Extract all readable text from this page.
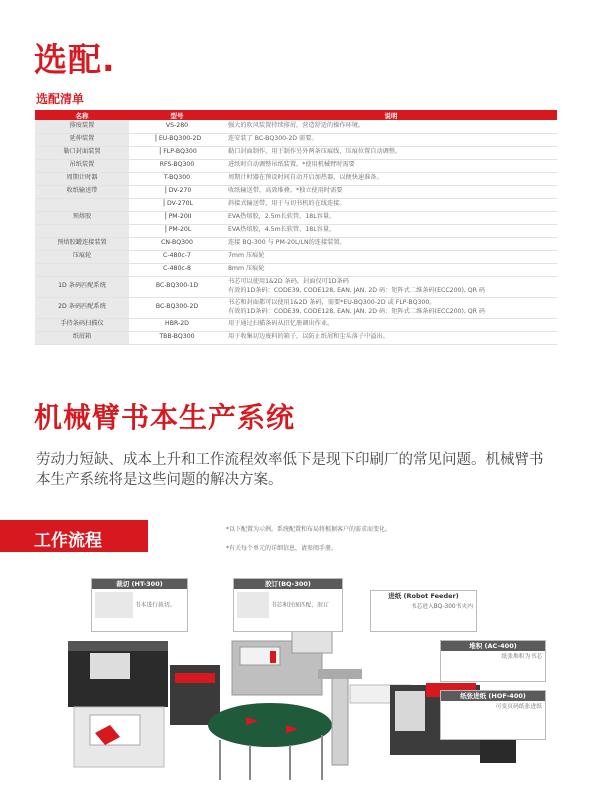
选配.
选配清单
名称	型号	说明
排废装置	VS-280	强大的吹风装置持续排屑，营造舒适的操作环境。

延伸装置	┃EU-BQ300-2D	连安装了 BC-BQ300-2D 需要。

勒口封面装置	┃FLP-BQ300	勒口封面制作，用于制作另外两条压痕线，压痕位置自动调整。

吊纸装置	RFS-BQ300	进纸时自动调整吊纸装置。*使用机械臂时需要

周期计时器	T-BQ300	周期计时器在预设时间自动开启加热器，以便快速准备。

收纸输送带	┃DV-270	收纸输送带，高效堆叠。*独立使用时需要

	┃DV-270L	斜接式输送带，用于与切书机的在线连接。

预熔胶	┃PM-20II	EVA热熔胶，2.5m长软管，18L容量。

	┃PM-20L	EVA热熔胶，4.5m长软管，18L容量。

预熔胶罐连接装置	CN-BQ300	连接 BQ-300 与 PM-20L/LN的连接装置。

压痕轮	C-480c-7	7mm 压痕轮

	C-480c-8	8mm 压痕轮

1D 条码匹配系统	BC-BQ300-1D	书芯可以使用1&2D 条码，封面仅可1D条码
有效的1D条码：CODE39, CODE128, EAN, JAN. 2D 码：矩阵式二维条码(ECC200), QR 码

2D 条码匹配系统	BC-BQ300-2D	书芯和封面都可以使用1&2D 条码，需要*EU-BQ300-2D 或 FLP-BQ300。
有效的1D条码：CODE39, CODE128, EAN, JAN. 2D 码：矩阵式二维条码(ECC200), QR 码

手持条码扫描仪	HBR-2D	用于通过扫描条码从旧忆册调出作业。

纸屑箱	TBB-BQ300	用于收集切边废料的箱子，以防止纸屑和尘头落子中溢出。
机械臂书本生产系统
劳动力短缺、成本上升和工作流程效率低下是现下印刷厂的常见问题。机械臂书本生产系统将是这些问题的解决方案。
工作流程
*以下配置为示例。系统配置和布局将根据客户的需求而变化。
*有关每个单元的详细信息，请参阅手册。
裁切 (HT-300)
书本进行裁切。
胶订(BQ-300)
书芯和封面匹配，胶订
进纸 (Robot Feeder)
书芯进入BQ-300书夹内
堆积 (AC-400)
纸张堆积为书芯
纸张进纸 (HOF-400)
可变页码纸张进纸
